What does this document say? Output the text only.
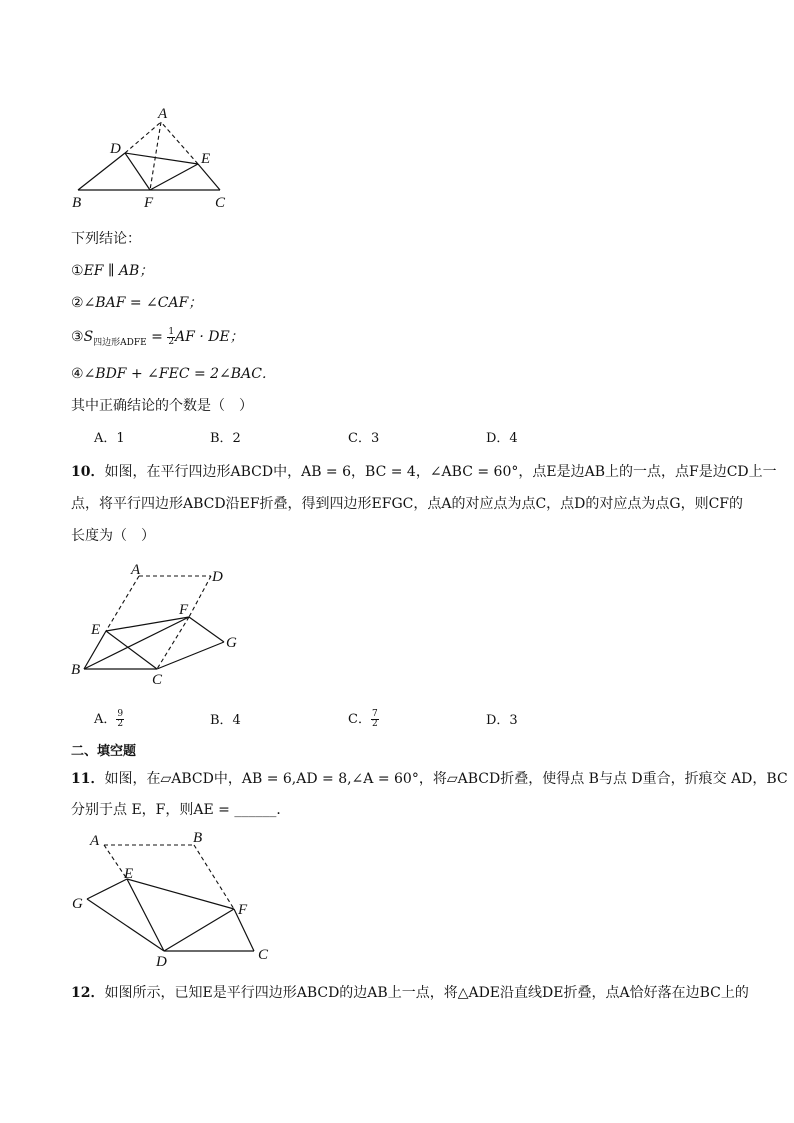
A
D
E
B	F	C
下列结论：
①EF ∥ AB；
②∠BAF = ∠CAF；
$③S_{四边形ADFE} = \frac{1}{2}$ AF · DE；
④∠BDF + ∠FEC = 2∠BAC．
其中正确结论的个数是（　）
A．1	B．2	C．3	D．4
10．如图，在平行四边形ABCD中，AB = 6，BC = 4，∠ABC = 60°，点E是边AB上的一点，点F是边CD上一
点，将平行四边形ABCD沿EF折叠，得到四边形EFGC，点A的对应点为点C，点D的对应点为点G，则CF的
长度为（　）
A	D
F
E
G
B
C
A． $\frac{9}{2}$	B．4	C． $\frac{7}{2}$	D．3
二、填空题
11．如图，在▱ABCD中，AB = 6,AD = 8,∠A = 60°，将▱ABCD折叠，使得点 B与点 D重合，折痕交 AD，BC
分别于点 E，F，则AE = ______．
A	B
E
G	F
D	C
12．如图所示，已知E是平行四边形ABCD的边AB上一点，将△ADE沿直线DE折叠，点A恰好落在边BC上的
